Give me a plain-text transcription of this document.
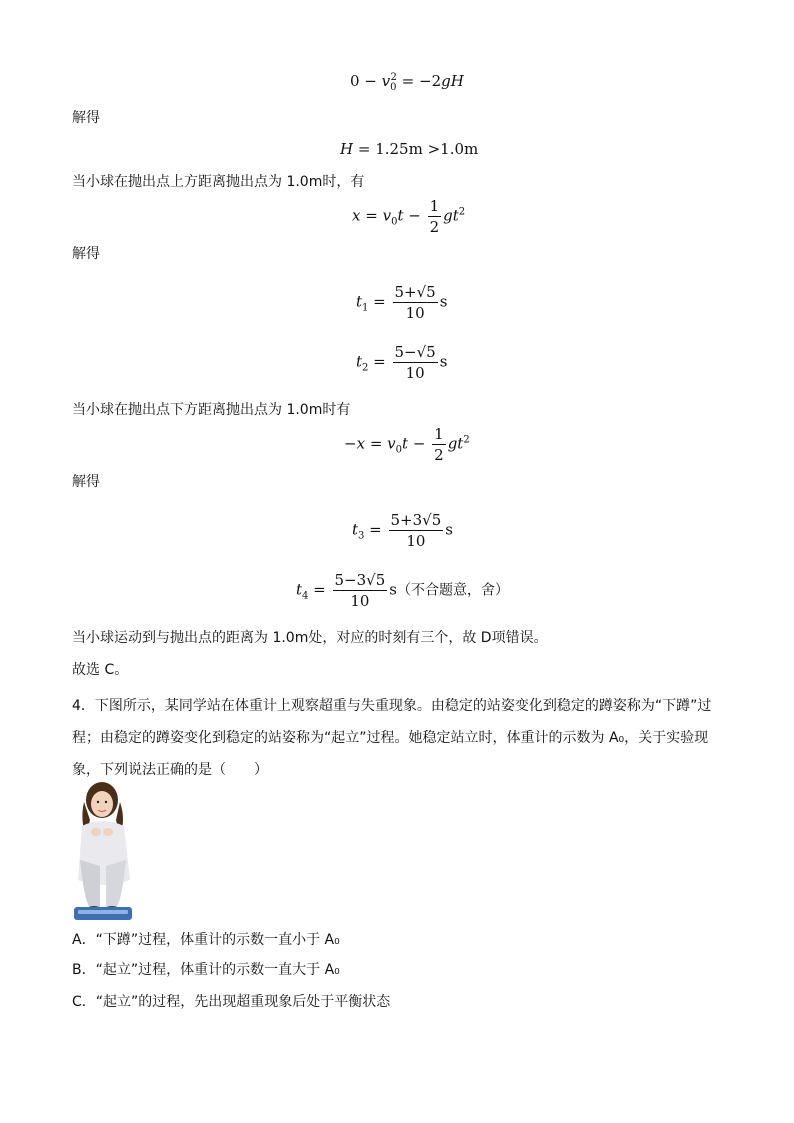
$0 - v_0^2 = -2gH$
解得
H = 1.25m >1.0m
当小球在抛出点上方距离抛出点为 1.0m时，有
$x = v_0t - \frac{1}{2} gt^2$
解得
$t_1 = \frac{5+√5}{10}$ s
$t_2 = \frac{5-√5}{10}$ s
当小球在抛出点下方距离抛出点为 1.0m时有
$-x = v_0t - \frac{1}{2} gt^2$
解得
$t_3 = \frac{5+3√5}{10}$ s
$t_4 = \frac{5-3√5}{10} s$（不合题意，舍）
当小球运动到与抛出点的距离为 1.0m处，对应的时刻有三个，故 D项错误。
故选 C。
4．下图所示，某同学站在体重计上观察超重与失重现象。由稳定的站姿变化到稳定的蹲姿称为“下蹲”过
程；由稳定的蹲姿变化到稳定的站姿称为“起立”过程。她稳定站立时，体重计的示数为 A₀，关于实验现
象，下列说法正确的是（　　）
A．“下蹲”过程，体重计的示数一直小于 A₀
B．“起立”过程，体重计的示数一直大于 A₀
C．“起立”的过程，先出现超重现象后处于平衡状态
